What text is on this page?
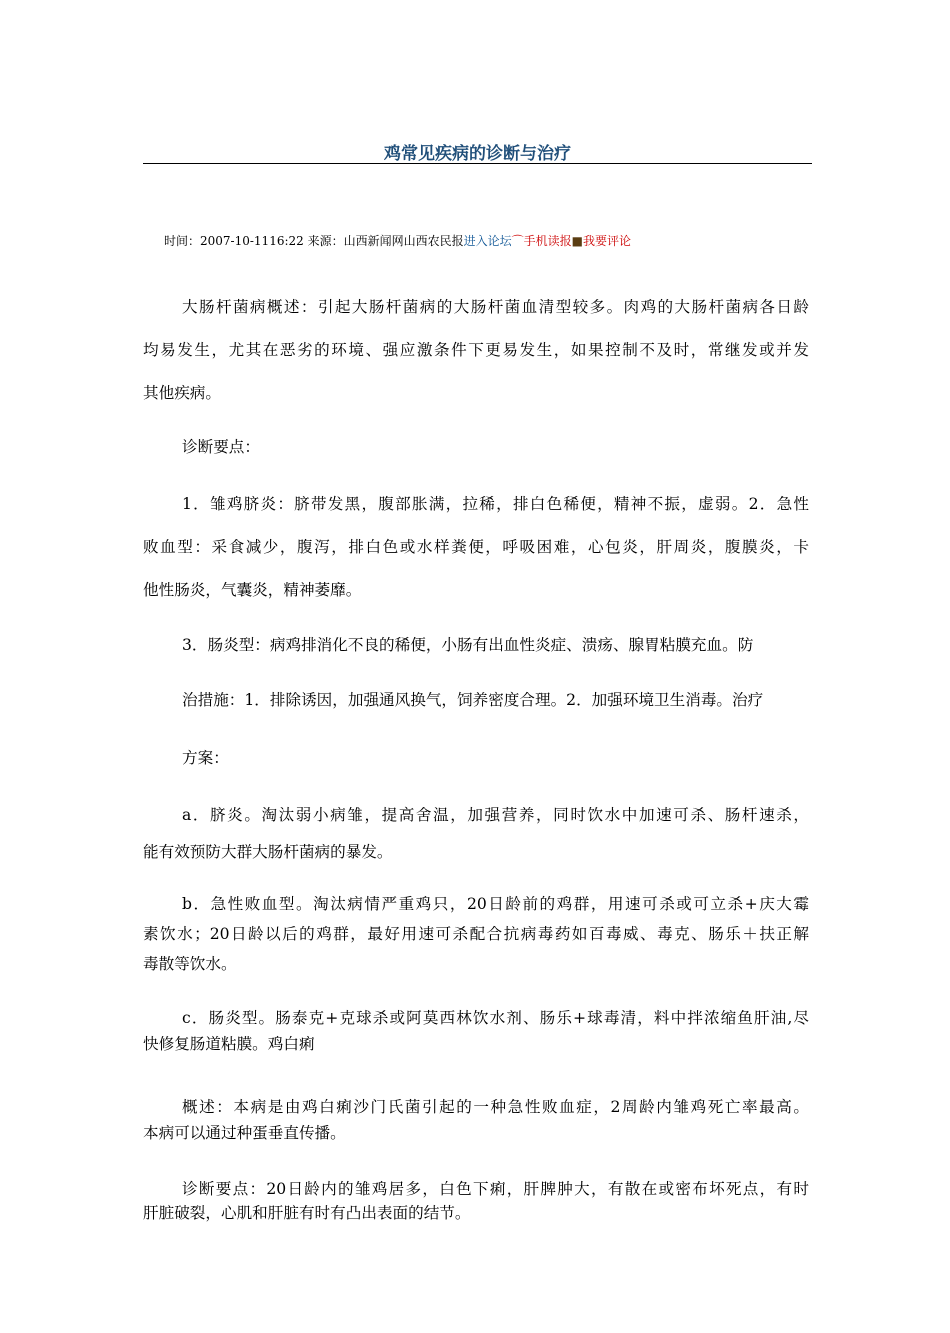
鸡常见疾病的诊断与治疗
时间：2007-10-1116:22 来源：山西新闻网山西农民报进入论坛⌒手机读报■我要评论
大肠杆菌病概述：引起大肠杆菌病的大肠杆菌血清型较多。肉鸡的大肠杆菌病各日龄
均易发生，尤其在恶劣的环境、强应激条件下更易发生，如果控制不及时，常继发或并发
其他疾病。
诊断要点：
1．雏鸡脐炎：脐带发黑，腹部胀满，拉稀，排白色稀便，精神不振，虚弱。2．急性
败血型：采食减少，腹泻，排白色或水样粪便，呼吸困难，心包炎，肝周炎，腹膜炎，卡
他性肠炎，气囊炎，精神萎靡。
3．肠炎型：病鸡排消化不良的稀便，小肠有出血性炎症、溃疡、腺胃粘膜充血。防
治措施：1．排除诱因，加强通风换气，饲养密度合理。2．加强环境卫生消毒。治疗
方案：
a．脐炎。淘汰弱小病雏，提高舍温，加强营养，同时饮水中加速可杀、肠杆速杀，
能有效预防大群大肠杆菌病的暴发。
b．急性败血型。淘汰病情严重鸡只，20日龄前的鸡群，用速可杀或可立杀+庆大霉
素饮水；20日龄以后的鸡群，最好用速可杀配合抗病毒药如百毒威、毒克、肠乐＋扶正解
毒散等饮水。
c．肠炎型。肠泰克+克球杀或阿莫西林饮水剂、肠乐+球毒清，料中拌浓缩鱼肝油,尽
快修复肠道粘膜。鸡白痢
概述：本病是由鸡白痢沙门氏菌引起的一种急性败血症，2周龄内雏鸡死亡率最高。
本病可以通过种蛋垂直传播。
诊断要点：20日龄内的雏鸡居多，白色下痢，肝脾肿大，有散在或密布坏死点，有时
肝脏破裂，心肌和肝脏有时有凸出表面的结节。
